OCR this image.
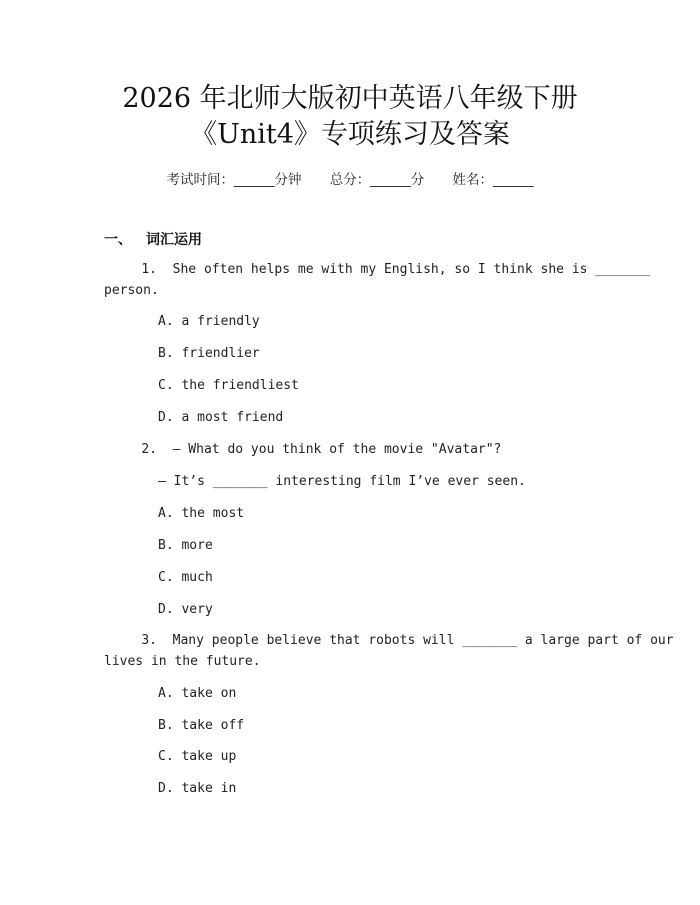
2026 年北师大版初中英语八年级下册
《Unit4》专项练习及答案
考试时间：______分钟 总分：______分 姓名：______
一、 词汇运用
1. She often helps me with my English, so I think she is _______
person.
A. a friendly
B. friendlier
C. the friendliest
D. a most friend
2. — What do you think of the movie "Avatar"?
— It’s _______ interesting film I’ve ever seen.
A. the most
B. more
C. much
D. very
3. Many people believe that robots will _______ a large part of our
lives in the future.
A. take on
B. take off
C. take up
D. take in
